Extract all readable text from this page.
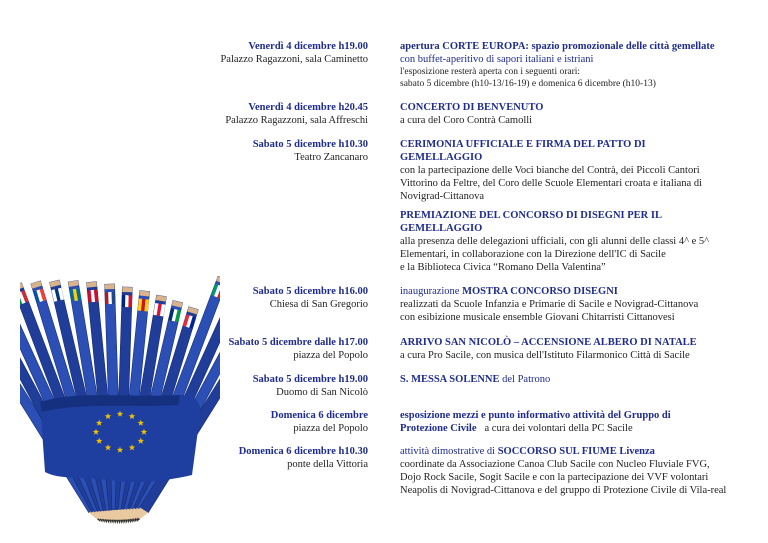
Venerdì 4 dicembre h19.00
Palazzo Ragazzoni, sala Caminetto
apertura CORTE EUROPA: spazio promozionale delle città gemellate
con buffet-aperitivo di sapori italiani e istriani
l'esposizione resterà aperta con i seguenti orari:
sabato 5 dicembre (h10-13/16-19) e domenica 6 dicembre (h10-13)
Venerdì 4 dicembre h20.45
Palazzo Ragazzoni, sala Affreschi
CONCERTO DI BENVENUTO
a cura del Coro Contrà Camolli
Sabato 5 dicembre h10.30
Teatro Zancanaro
CERIMONIA UFFICIALE E FIRMA DEL PATTO DI
GEMELLAGGIO
con la partecipazione delle Voci bianche del Contrà, dei Piccoli Cantori
Vittorino da Feltre, del Coro delle Scuole Elementari croata e italiana di
Novigrad-Cittanova
PREMIAZIONE DEL CONCORSO DI DISEGNI PER IL
GEMELLAGGIO
alla presenza delle delegazioni ufficiali, con gli alunni delle classi 4^ e 5^
Elementari, in collaborazione con la Direzione dell'IC di Sacile
e la Biblioteca Civica “Romano Della Valentina”
Sabato 5 dicembre h16.00
Chiesa di San Gregorio
inaugurazione MOSTRA CONCORSO DISEGNI
realizzati da Scuole Infanzia e Primarie di Sacile e Novigrad-Cittanova
con esibizione musicale ensemble Giovani Chitarristi Cittanovesi
Sabato 5 dicembre dalle h17.00
piazza del Popolo
ARRIVO SAN NICOLÒ – ACCENSIONE ALBERO DI NATALE
a cura Pro Sacile, con musica dell'Istituto Filarmonico Città di Sacile
Sabato 5 dicembre h19.00
Duomo di San Nicolò
S. MESSA SOLENNE del Patrono
Domenica 6 dicembre
piazza del Popolo
esposizione mezzi e punto informativo attività del Gruppo di
Protezione Civile a cura dei volontari della PC Sacile
Domenica 6 dicembre h10.30
ponte della Vittoria
attività dimostrative di SOCCORSO SUL FIUME Livenza
coordinate da Associazione Canoa Club Sacile con Nucleo Fluviale FVG,
Dojo Rock Sacile, Sogit Sacile e con la partecipazione dei VVF volontari
Neapolis di Novigrad-Cittanova e del gruppo di Protezione Civile di Vila-real
